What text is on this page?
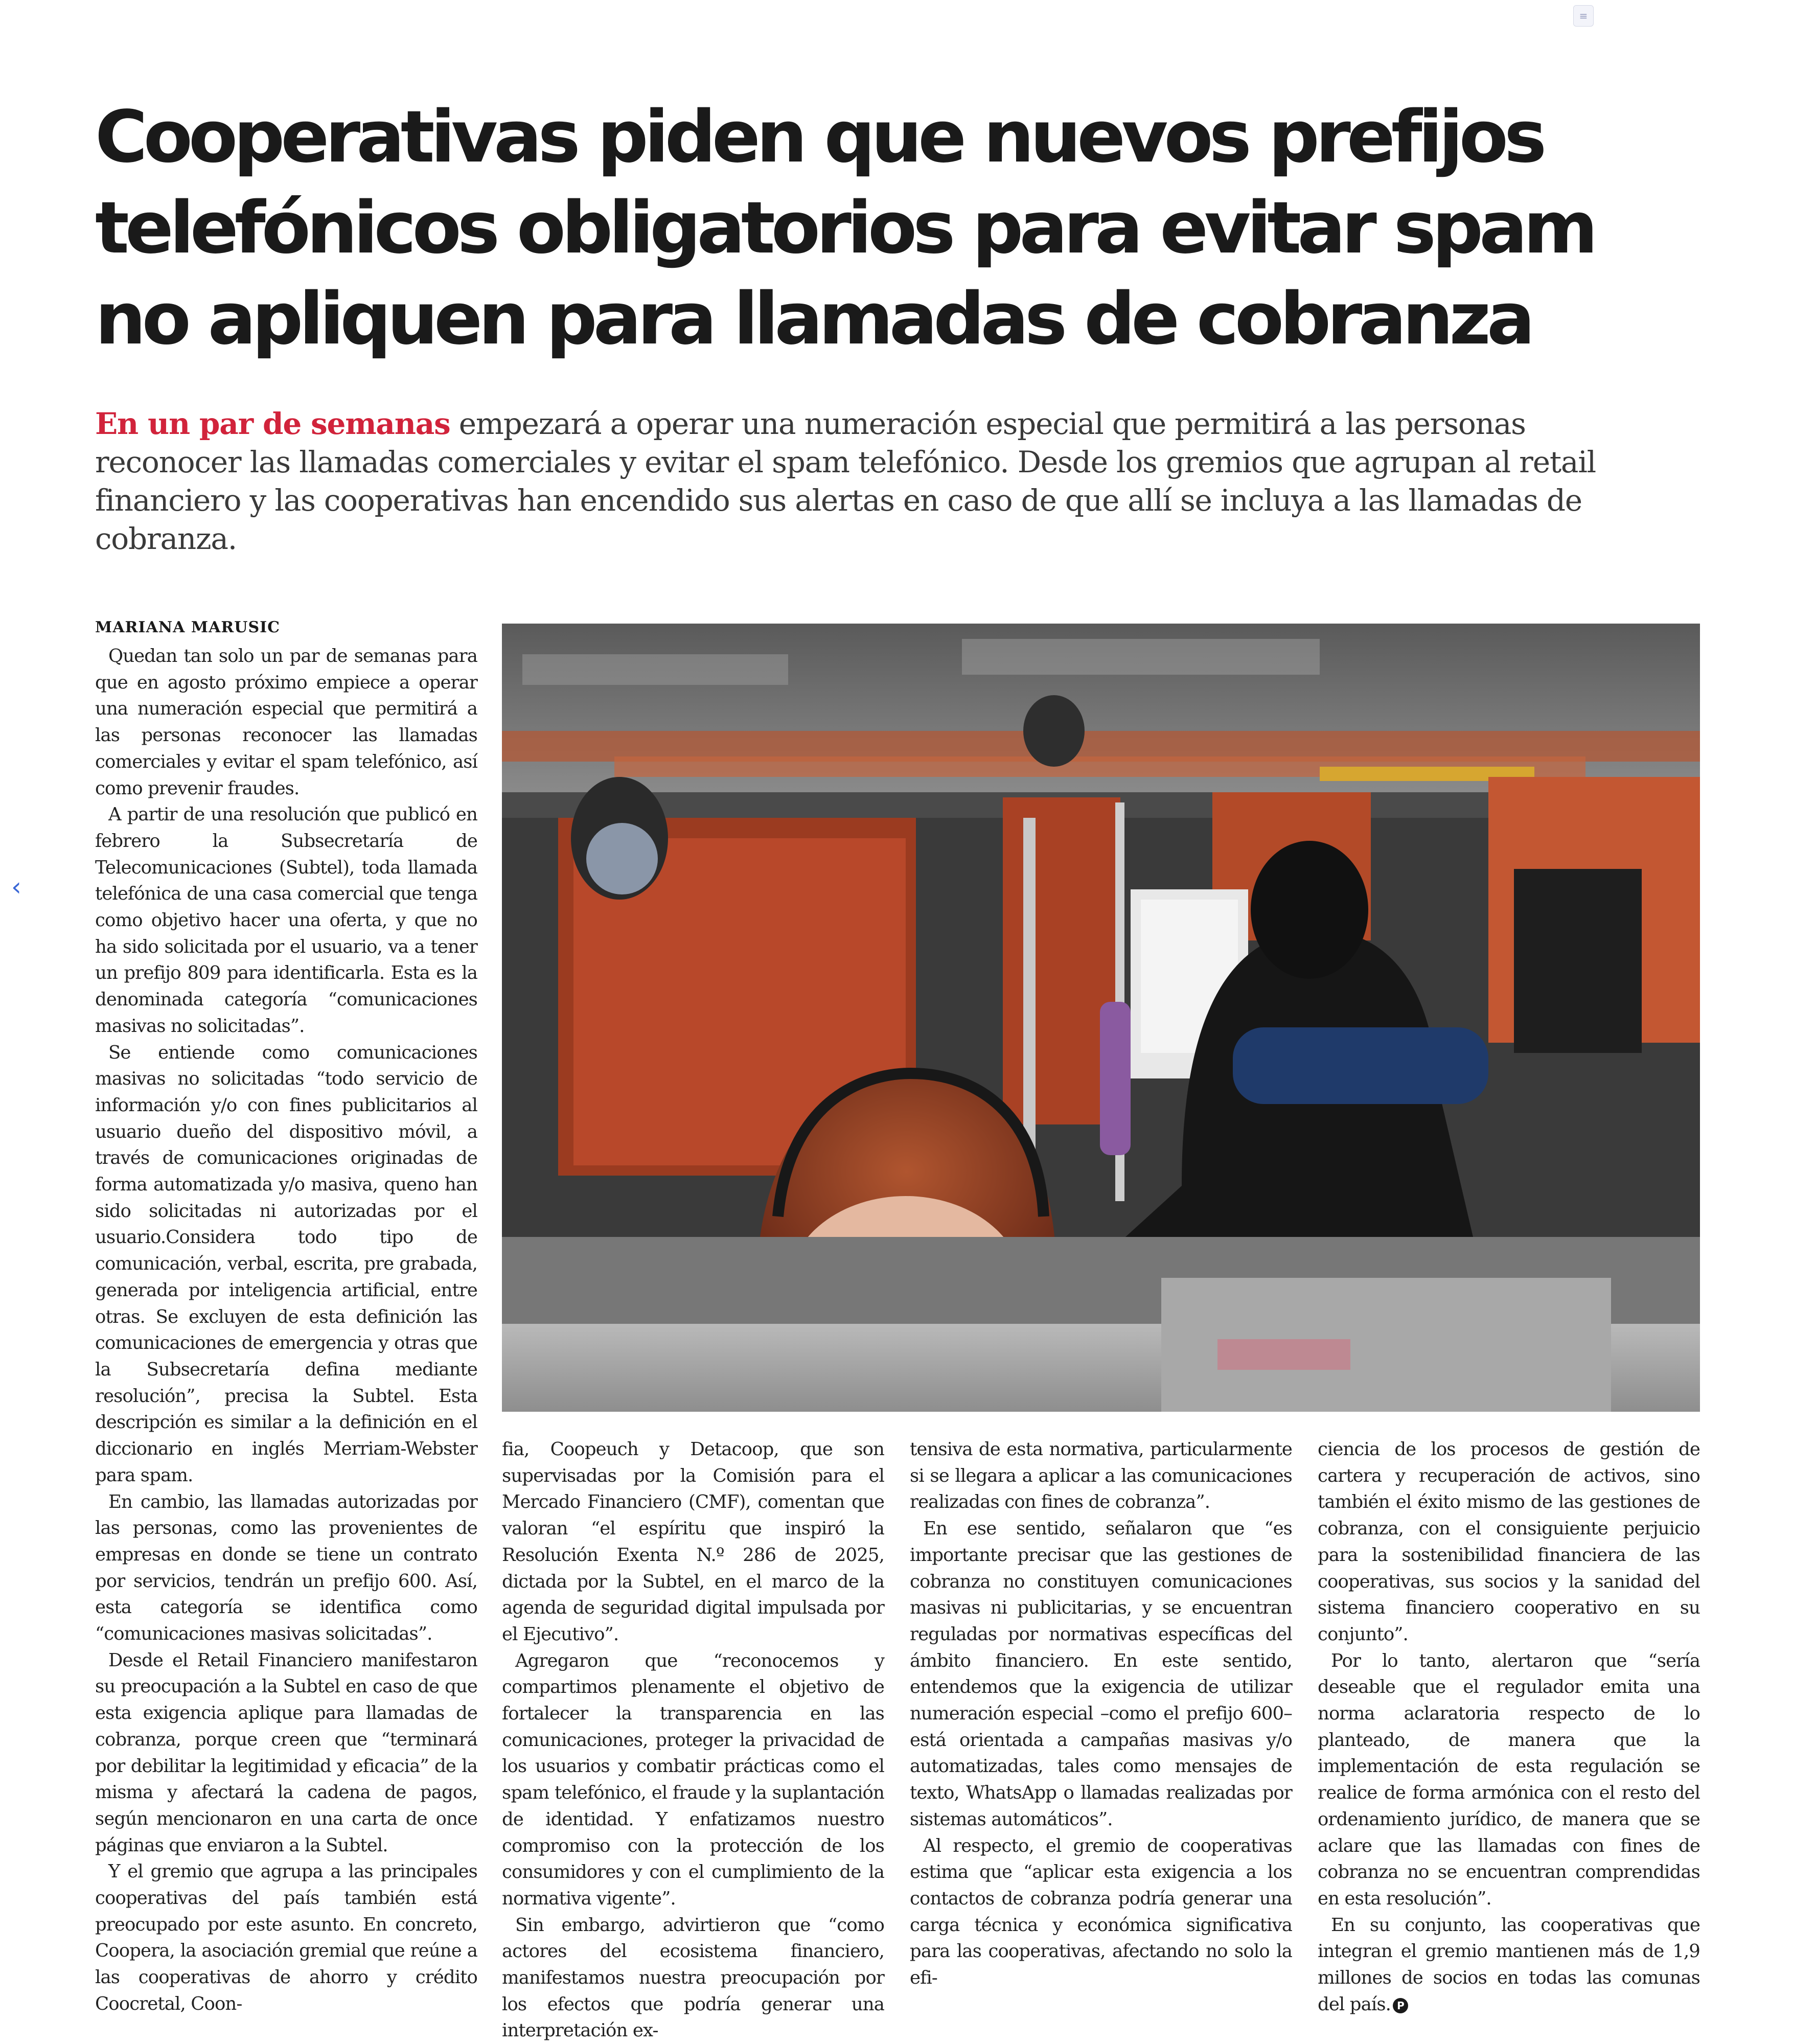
≡
‹
Cooperativas piden que nuevos prefijos telefónicos obligatorios para evitar spam no apliquen para llamadas de cobranza

En un par de semanas empezará a operar una numeración especial que permitirá a las personas reconocer las llamadas comerciales y evitar el spam telefónico. Desde los gremios que agrupan al retail financiero y las cooperativas han encendido sus alertas en caso de que allí se incluya a las llamadas de cobranza.

MARIANA MARUSIC

Quedan tan solo un par de semanas para que en agosto próximo empiece a operar una numeración especial que permitirá a las personas reconocer las llamadas comerciales y evitar el spam telefónico, así como prevenir fraudes.

A partir de una resolución que publicó en febrero la Subsecretaría de Telecomunicaciones (Subtel), toda llamada telefónica de una casa comercial que tenga como objetivo hacer una oferta, y que no ha sido solicitada por el usuario, va a tener un prefijo 809 para identificarla. Esta es la denominada categoría “comunicaciones masivas no solicitadas”.

Se entiende como comunicaciones masivas no solicitadas “todo servicio de información y/o con fines publicitarios al usuario dueño del dispositivo móvil, a través de comunicaciones originadas de forma automatizada y/o masiva, queno han sido solicitadas ni autorizadas por el usuario.Considera todo tipo de comunicación, verbal, escrita, pre grabada, generada por inteligencia artificial, entre otras. Se excluyen de esta definición las comunicaciones de emergencia y otras que la Subsecretaría defina mediante resolución”, precisa la Subtel. Esta descripción es similar a la definición en el diccionario en inglés Merriam-Webster para spam.

En cambio, las llamadas autorizadas por las personas, como las provenientes de empresas en donde se tiene un contrato por servicios, tendrán un prefijo 600. Así, esta categoría se identifica como “comunicaciones masivas solicitadas”.

Desde el Retail Financiero manifestaron su preocupación a la Subtel en caso de que esta exigencia aplique para llamadas de cobranza, porque creen que “terminará por debilitar la legitimidad y eficacia” de la misma y afectará la cadena de pagos, según mencionaron en una carta de once páginas que enviaron a la Subtel.

Y el gremio que agrupa a las principales cooperativas del país también está preocupado por este asunto. En concreto, Coopera, la asociación gremial que reúne a las cooperativas de ahorro y crédito Coocretal, Coon-

fia, Coopeuch y Detacoop, que son supervisadas por la Comisión para el Mercado Financiero (CMF), comentan que valoran “el espíritu que inspiró la Resolución Exenta N.º 286 de 2025, dictada por la Subtel, en el marco de la agenda de seguridad digital impulsada por el Ejecutivo”.

Agregaron que “reconocemos y compartimos plenamente el objetivo de fortalecer la transparencia en las comunicaciones, proteger la privacidad de los usuarios y combatir prácticas como el spam telefónico, el fraude y la suplantación de identidad. Y enfatizamos nuestro compromiso con la protección de los consumidores y con el cumplimiento de la normativa vigente”.

Sin embargo, advirtieron que “como actores del ecosistema financiero, manifestamos nuestra preocupación por los efectos que podría generar una interpretación ex-

tensiva de esta normativa, particularmente si se llegara a aplicar a las comunicaciones realizadas con fines de cobranza”.

En ese sentido, señalaron que “es importante precisar que las gestiones de cobranza no constituyen comunicaciones masivas ni publicitarias, y se encuentran reguladas por normativas específicas del ámbito financiero. En este sentido, entendemos que la exigencia de utilizar numeración especial –como el prefijo 600– está orientada a campañas masivas y/o automatizadas, tales como mensajes de texto, WhatsApp o llamadas realizadas por sistemas automáticos”.

Al respecto, el gremio de cooperativas estima que “aplicar esta exigencia a los contactos de cobranza podría generar una carga técnica y económica significativa para las cooperativas, afectando no solo la efi-

ciencia de los procesos de gestión de cartera y recuperación de activos, sino también el éxito mismo de las gestiones de cobranza, con el consiguiente perjuicio para la sostenibilidad financiera de las cooperativas, sus socios y la sanidad del sistema financiero cooperativo en su conjunto”.

Por lo tanto, alertaron que “sería deseable que el regulador emita una norma aclaratoria respecto de lo planteado, de manera que la implementación de esta regulación se realice de forma armónica con el resto del ordenamiento jurídico, de manera que se aclare que las llamadas con fines de cobranza no se encuentran comprendidas en esta resolución”.

En su conjunto, las cooperativas que integran el gremio mantienen más de 1,9 millones de socios en todas las comunas del país. P
